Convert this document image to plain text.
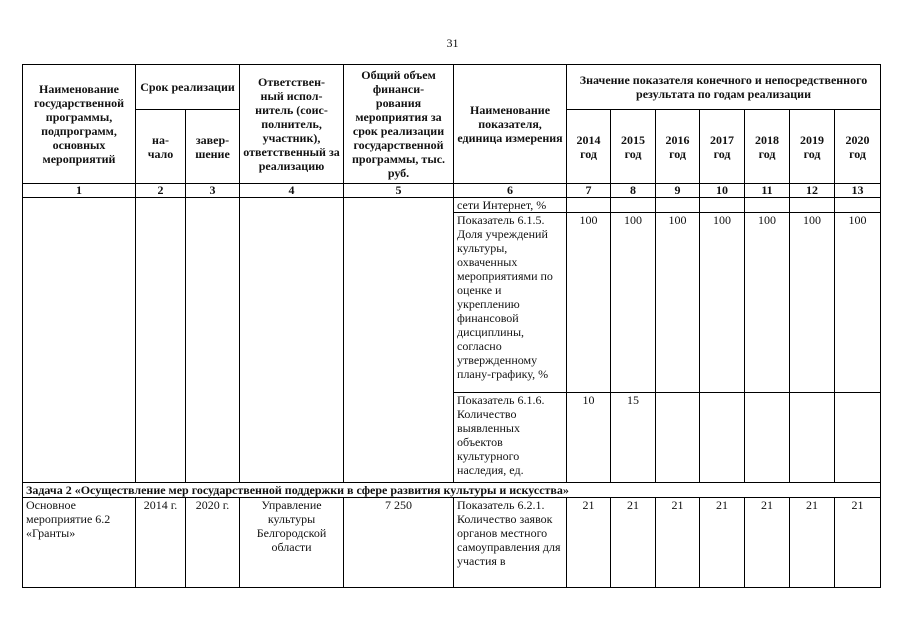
31
Наименование государственной программы, подпрограмм, основных мероприятий	Срок реализации		Ответствен-
ный испол-
нитель (соис-
полнитель, участник), ответственный за реализацию	Общий объем финанси-
рования мероприятия за срок реализации государственной программы, тыс. руб.	Наименование показателя, единица измерения	Значение показателя конечного и непосредственного результата по годам реализации						
	на-
чало	завер-
шение				2014 год	2015 год	2016 год	2017 год	2018 год	2019 год	2020 год
1	2	3	4	5	6	7	8	9	10	11	12	13
					сети Интернет, %							
					Показатель 6.1.5. Доля учреждений культуры, охваченных мероприятиями по оценке и укреплению финансовой дисциплины, согласно утвержденному плану-графику, %	100	100	100	100	100	100	100
					Показатель 6.1.6. Количество выявленных объектов культурного наследия, ед.	10	15					
Задача 2 «Осуществление мер государственной поддержки в сфере развития культуры и искусства»												
Основное мероприятие 6.2 «Гранты»	2014 г.	2020 г.	Управление культуры Белгородской области	7 250	Показатель 6.2.1. Количество заявок органов местного самоуправления для участия в	21	21	21	21	21	21	21
